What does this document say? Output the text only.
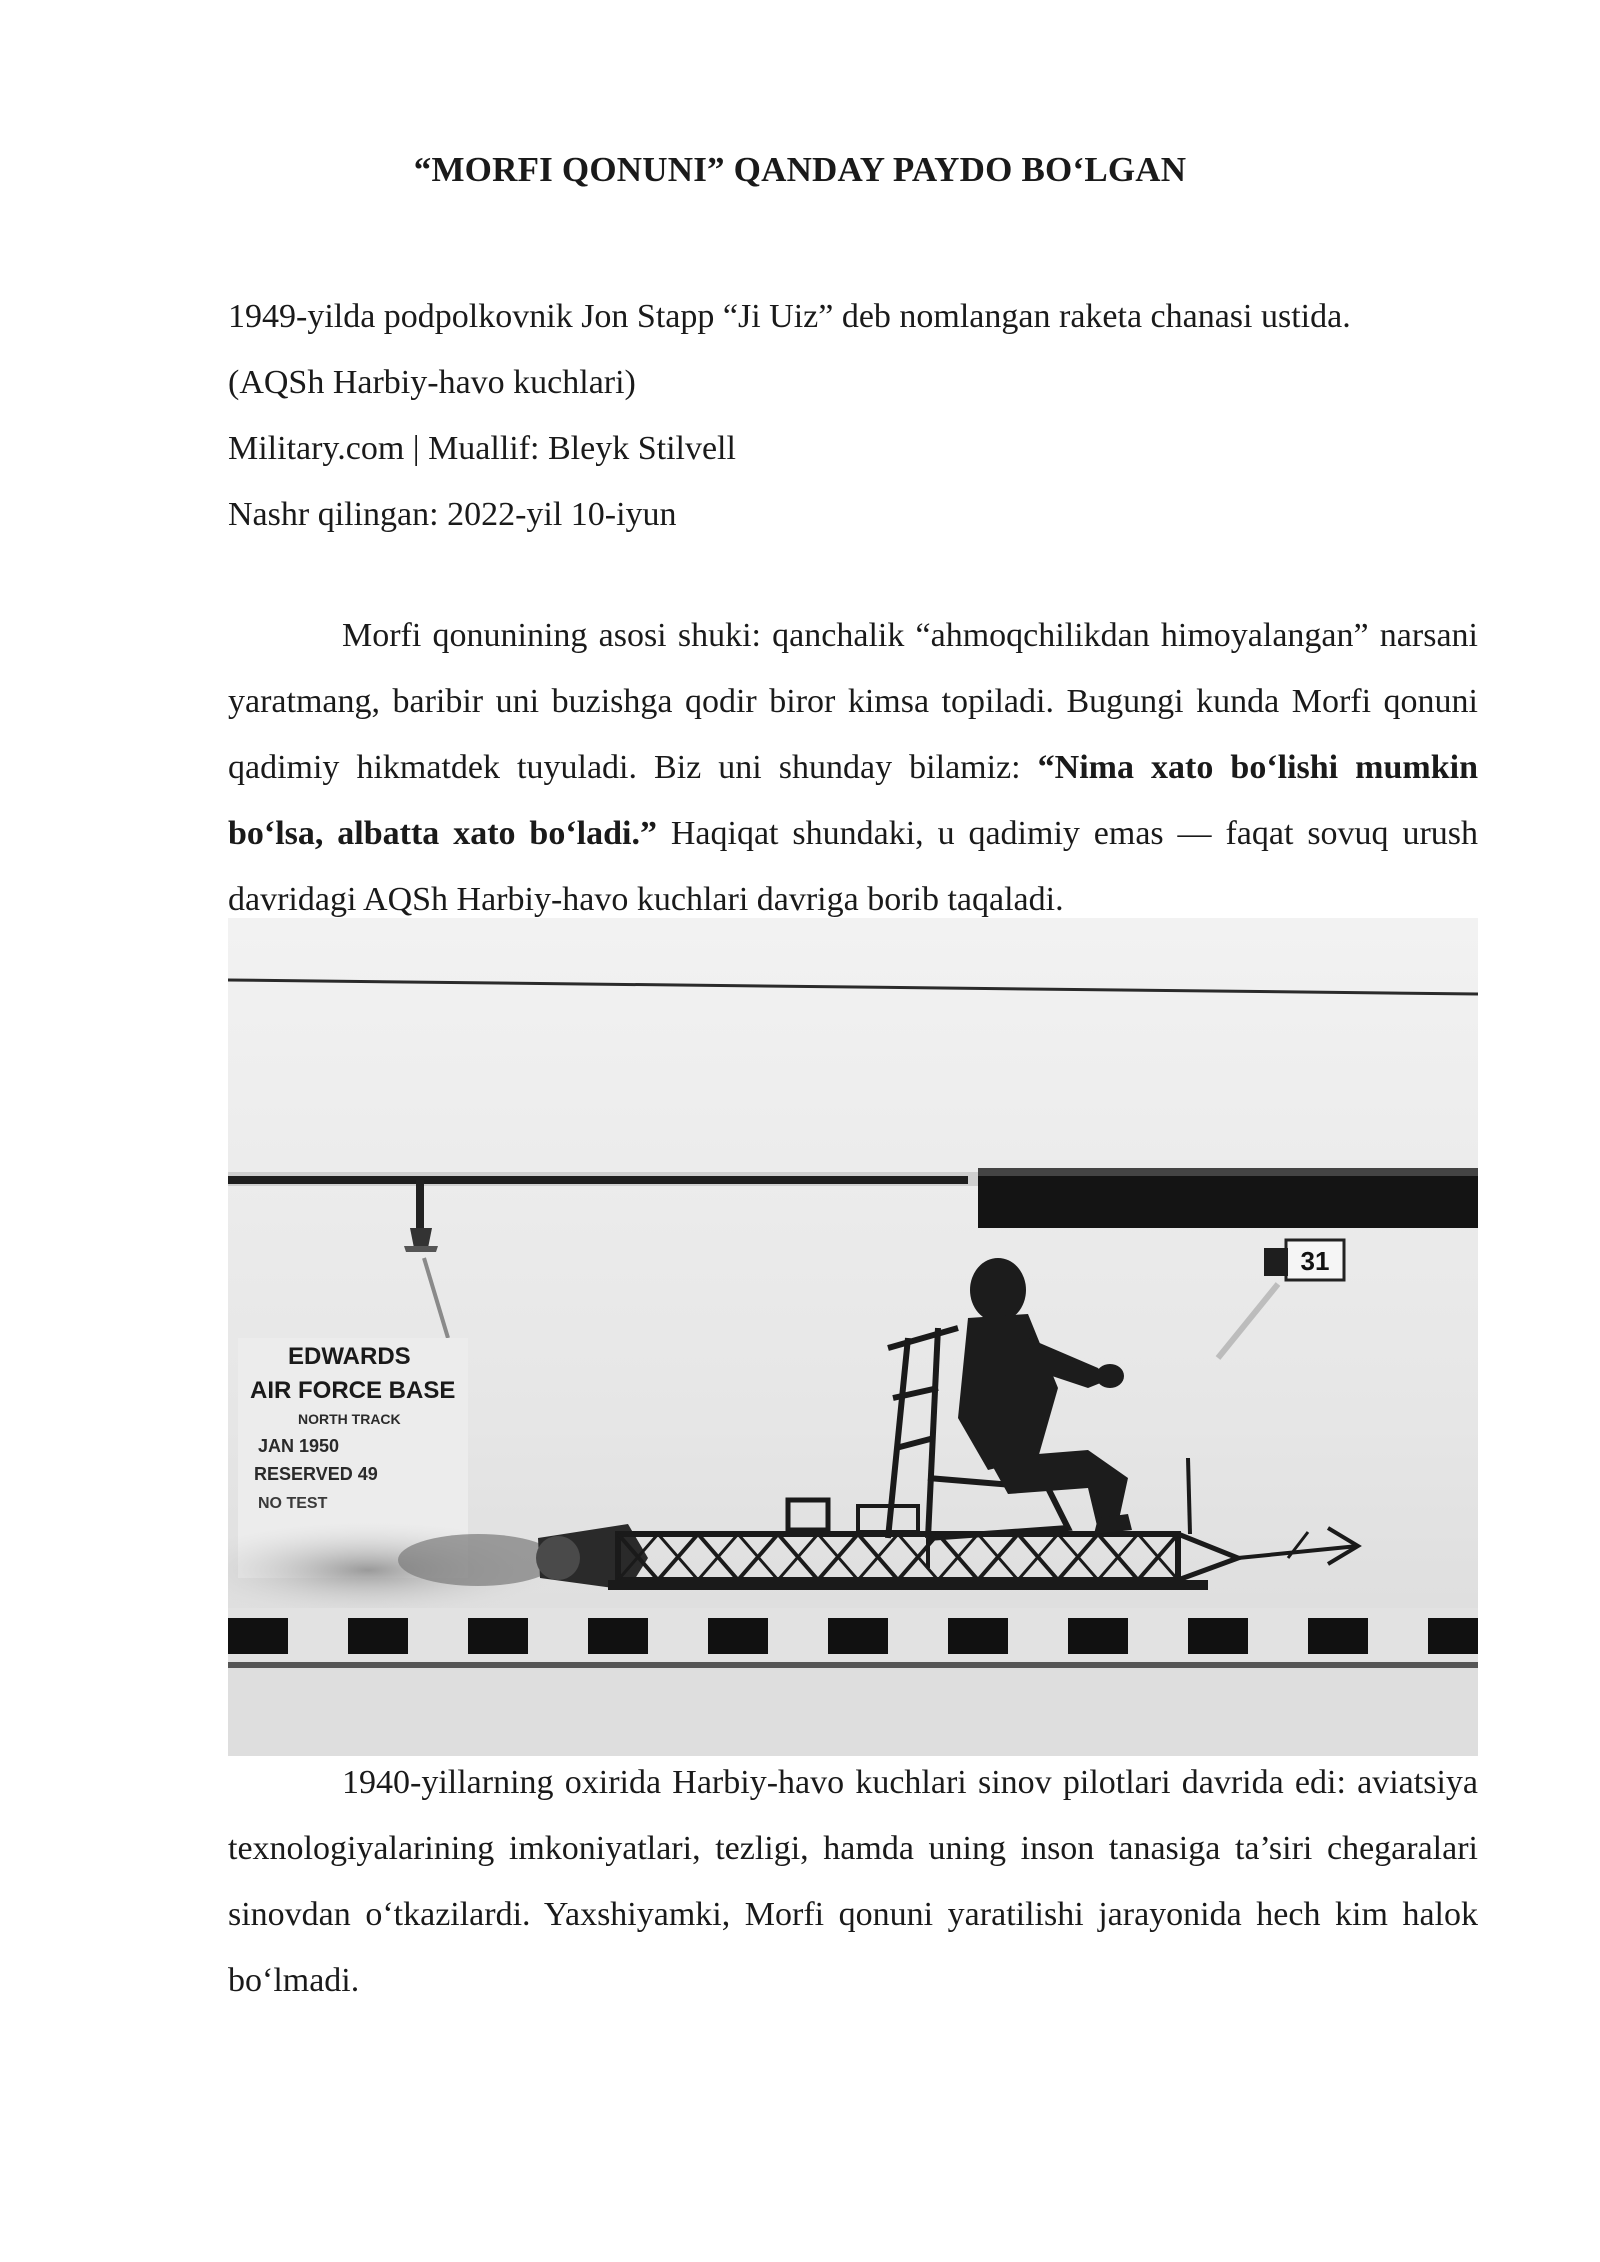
“MORFI QONUNI” QANDAY PAYDO BO‘LGAN
1949-yilda podpolkovnik Jon Stapp “Ji Uiz” deb nomlangan raketa chanasi ustida.
(AQSh Harbiy-havo kuchlari)
Military.com | Muallif: Bleyk Stilvell
Nashr qilingan: 2022-yil 10-iyun

Morfi qonunining asosi shuki: qanchalik “ahmoqchilikdan himoyalangan” narsani yaratmang, baribir uni buzishga qodir biror kimsa topiladi. Bugungi kunda Morfi qonuni qadimiy hikmatdek tuyuladi. Biz uni shunday bilamiz: “Nima xato bo‘lishi mumkin bo‘lsa, albatta xato bo‘ladi.” Haqiqat shundaki, u qadimiy emas — faqat sovuq urush davridagi AQSh Harbiy-havo kuchlari davriga borib taqaladi.

31
EDWARDS
AIR FORCE BASE
NORTH TRACK
JAN 1950
RESERVED 49
NO TEST

1940-yillarning oxirida Harbiy-havo kuchlari sinov pilotlari davrida edi: aviatsiya texnologiyalarining imkoniyatlari, tezligi, hamda uning inson tanasiga ta’siri chegaralari sinovdan o‘tkazilardi. Yaxshiyamki, Morfi qonuni yaratilishi jarayonida hech kim halok bo‘lmadi.
